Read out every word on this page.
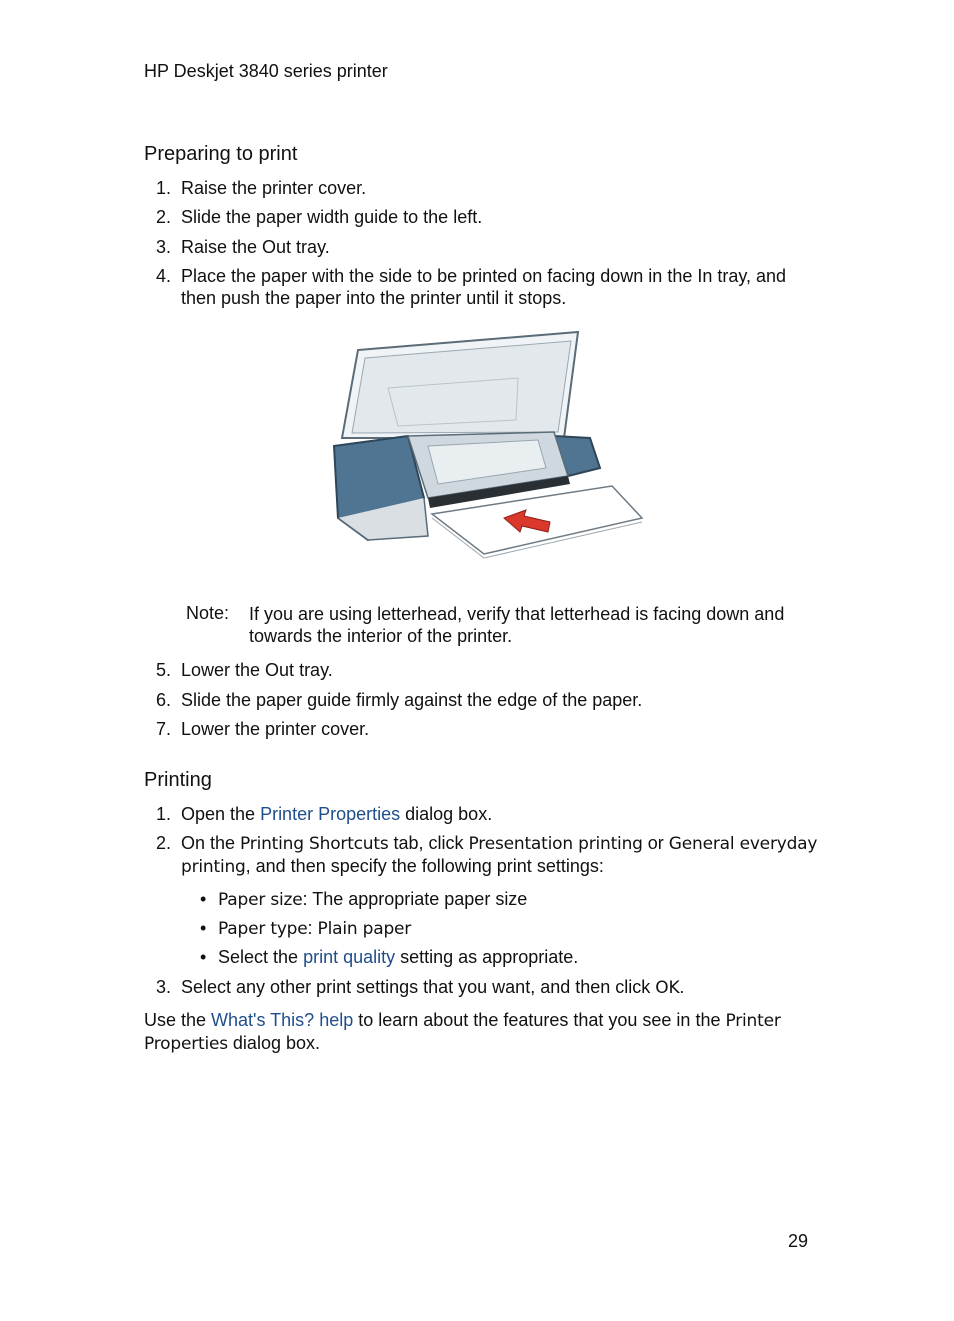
HP Deskjet 3840 series printer
Preparing to print
1. Raise the printer cover.
2. Slide the paper width guide to the left.
3. Raise the Out tray.
4. Place the paper with the side to be printed on facing down in the In tray, and then push the paper into the printer until it stops.
Note: If you are using letterhead, verify that letterhead is facing down and towards the interior of the printer.
5. Lower the Out tray.
6. Slide the paper guide firmly against the edge of the paper.
7. Lower the printer cover.
Printing
1. Open the Printer Properties dialog box.
2. On the Printing Shortcuts tab, click Presentation printing or General everyday printing, and then specify the following print settings:
• Paper size: The appropriate paper size
• Paper type: Plain paper
• Select the print quality setting as appropriate.
3. Select any other print settings that you want, and then click OK.
Use the What's This? help to learn about the features that you see in the Printer Properties dialog box.
29
